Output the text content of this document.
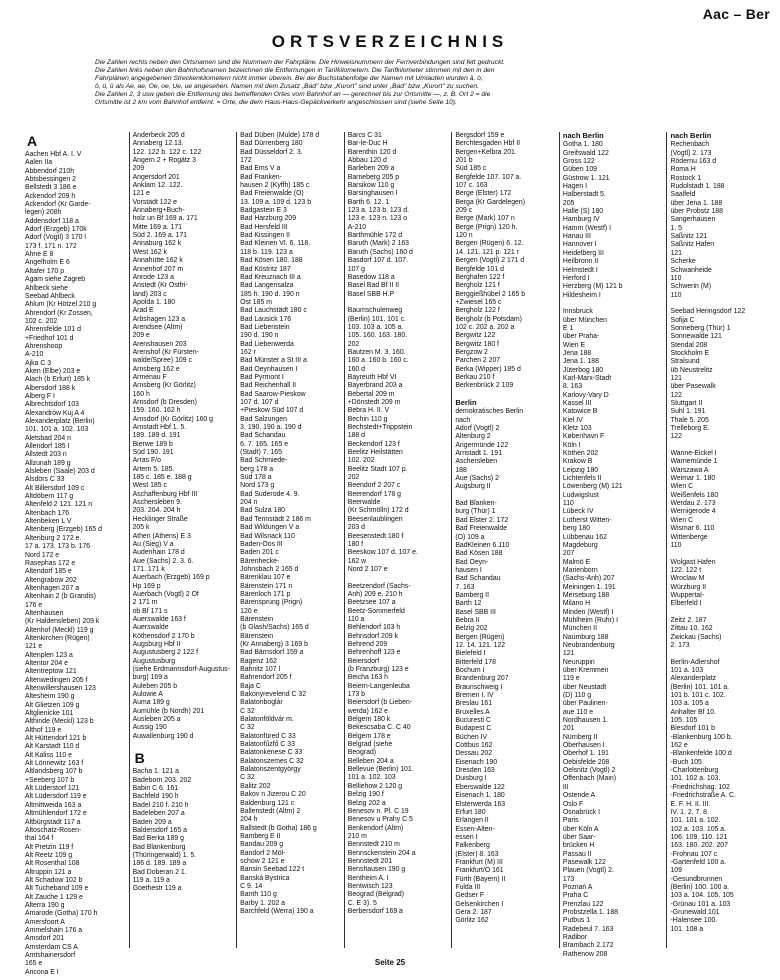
Aac – Ber
ORTSVERZEICHNIS

Die Zahlen rechts neben den Ortsnamen sind die Nummern der Fahrpläne. Die Hinweisnummern der Fernverbindungen sind fett gedruckt.

Die Zahlen links neben den Bahnhofsnamen bezeichnen die Entfernungen in Tarifkilometern. Die Tarifkilometer stimmen mit den in den

Fahrplänen angegebenen Streckenkilometern nicht immer überein. Bei der Buchstabenfolge der Namen mit Umlauten wurden ä, ö,

ö, ü, ü als Ae, ae, Oe, oe, Ue, ue angesehen. Namen mit dem Zusatz „Bad" bzw „Kurort" sind unter „Bad" bzw „Kurort" zu suchen.

Die Zahlen 2, 3 usw geben die Entfernung des betreffenden Ortes vom Bahnhof an — gerechnet bis zur Ortsmitte —, z. B. Ort 2 = die

Ortsmitte ist 2 km vom Bahnhof entfernt. = Orte, die dem Haus-Haus-Gepäckverkehr angeschlossen sind (siehe Seite 10).

A
Aachen Hbf A. I. V
Aalen IIa
Abbendorf 210h
Abtsbessingen 2
Bellstedt 3 186 e
Ackendorf 209 h
Ackendorf (Kr Garde-
legen) 208h
Addensdorf 118 a
Adorf (Erzgeb) 170k
Adorf (Vogtl) 3 170 l
173 f. 171 n. 172
Ahne E 8
Angelholm E 6
Altafer 170 p
Agam siehe Zagreb
Ahlbeck siehe
Seebad Ahlbeck
Ahlum (Kr Hötzel 210 g
Ahrendorf (Kr Zossen,
102 c. 202
Ahrensfelde 101 d
+Friedhof 101 d
Ahrenshoop
A-210
Ajka C 3
Aken (Elbe) 203 e
Alach (b Erfurt) 185 k
Albersdorf 188 k
Alberg F I
Albrechtsdorf 103
Alexandrów Kuj A 4
Alexanderplatz (Berlin)
101. 101 a. 102. 103
Aletsbad 204 n
Allendorf 185 I
Allstedt 203 n
Allzunah 189 g
Alsleben (Saale) 203 d
Alsdörs C 33
Alt Billersdorf 109 c
Altdöbern 117 g
Altenfeld 2 121. 121 n
Altenbach 176
Altenbeken L V
Altenberg (Erzgeb) 165 d
Altenburg 2 172 e.
17 a. 173. 173 b. 176
Nord 172 e
Rasephas 172 e
Altendorf 185 e
Altengrabow 202
Altenhagen 207 a
Altenhain 2 (b Grandis)
176 e
Altenhausen
(Kr Haldensleben) 209 k
Altenhof (Meckl) 119 g
Altenkirchen (Rügen)
121 e
Altenplen 123 a
Altentor 204 e
Altentreptow 121
Altenwedingen 205 f
Altenwillershausen 123
Altesheim 190 g
Alt Glietzen 109 g
Altglienicke 101
Althinde (Meckl) 123 b
Althof 119 e
Alt Hüttendorf 121 b
Alt Karstadt 110 d
Alt Kaliss 110 e
Alt Lönnewitz 163 f
Altlandsberg 107 b
+Seeberg 107 b
Alt Lüderstorf 121
Alt Lüdersdorf 119 e
Altmittweida 163 a
Altmühlendorf 172 e
Altbürgstadt 117 a
Altoschatz-Rosen-
thal 164 f
Alt Pretzin 119 f
Alt Reetz 109 g
Alt Rosenthal 108
Altruppin 121 a
Alt Schadow 102 b
Alt Tucheband 109 e
Alt Zauche 1 129 e
Alterra 190 g
Amarode (Gotha) 170 h
Amersfoort A
Ammelshain 176 a
Amsdorf 201
Amsterdam CS A
Amtshainersdorf
165 e
Ancona E I
Anderbeck 205 d
Annaberg 12.13.
122. 122 b. 122 c. 122
Angern 2 + Rogätz 3
209
Angersdorf 201
Anklam 12. 122.
121 e
Vorstadt 122 e
Annaberg+Buch-
holz un Bf 169 a. 171
Mitte 169 a. 171
Süd 2. 169 a. 171
Annaburg 162 k
West 162 k
Annahütte 162 k
Annenhof 207 m
Anrode 123 a
Anstedt (Kr Ostfri-
land) 203 c
Apolda 1. 180
Arad E
Arbshagen 123 a
Arendsee (Altm)
209 e
Arenshausen 203
Arenshof (Kr Fürsten-
walde/Spree) 109 c
Arnsberg 162 e
Armenau F
Arnsberg (Kr Görlitz)
160 h
Arnsdorf (b Dresden)
159. 160. 162 h
Arnsdorf (Kr Görlitz) 160 g
Arnstadt Hbf 1. 5.
189. 189 d. 191
Bierwe 189 b
Süd 190. 191
Arras F/o
Artern 5. 185.
185 c. 185 e. 188 g
West 185 c
Aschaffenburg Hbf III
Aschersleben 9.
203. 204. 204 h
Hecklinger Straße
205 k
Athen (Athens) E 3
Au (Sieg) V a
Audenhain 178 d
Aue (Sachs) 2. 3. 6.
171. 171 k
Auerbach (Erzgeb) 169 p
Hp 169 p
Auerbach (Vogtl) 2 Of
2 171 m
ob Bf 171 s
Auerswalde 163 f
Auerswalde
Köthensdorf 2 170 b
Augsburg Hbf II
Augustusberg 2 122 f
Augustusburg
(siehe Erdmannsdorf-Augustus-
burg) 169 a
Auleben 205 b
Aulowie A
Auma 189 g
Aumühle (b Nordh) 201
Ausleben 205 a
Aussig 190
Auwallenburg 190 d

B
Bacha 1. 121 a
Badeborn 203. 202
Babin C 6. 161
Bachfeld 190 h
Badel 210 f. 210 h
Badeleben 207 a
Baden 209 a
Baldersdorf 165 a
Bad Berka 189 g
Bad Blankenburg
(Thüringerwald) 1. 5.
186 d. 189. 189 a
Bad Doberan 2 1.
119 a. 119 a
Goethestr 119 a
Bad Düben (Mulde) 178 d
Bad Dürrenberg 180
Bad Düsseldorf 2. 3.
172
Bad Ems V a
Bad Franken-
hausen 2 (Kyffh) 185 c
Bad Freienwalde (O)
13. 109 a. 109 d. 123 b
Badgastein E 3
Bad Harzburg 209
Bad Hersfeld III
Bad Kissingen II
Bad Kleinen VI. 6. 118.
118 b. 119. 123 a
Bad Kösen 180. 188
Bad Köstritz 187
Bad Kreuznach III a
Bad Langensalza
185 h. 190 d. 190 n
Ost 185 m
Bad Lauchstädt 180 c
Bad Lausick 176
Bad Liebenstein
190 d. 190 n
Bad Liebenwerda
162 r
Bad Münster a St III a
Bad Oeynhausen I
Bad Pyrmont I
Bad Reichenhall II
Bad Saarow-Pieskow
107 d. 107 d
+Pieskow Süd 107 d
Bad Salzungen
3. 190. 190 a. 190 d
Bad Schandau
6. 7. 165. 165 e
(Stadt) 7. 165
Bad Schmiede-
berg 178 a
Süd 178 a
Nord 173 g
Bad Suderode 4. 9.
204 n
Bad Sulza 180
Bad Tennstädt 2 186 m
Bad Wildungen V a
Bad Wilsnack 110
Baden-Oos III
Baden 201 c
Bärenhecke-
Johnsbach 2 165 d
Bärenklau 107 e
Bärenstein 171 n
Bärenloch 171 p
Bärensprung (Prign)
120 e
Bärenstein
(b Glash/Sachs) 165 d
Bärenstein
(Kr Annaberg) 3 169 b
Bad Bärnsdorf 159 a
Bagenz 162
Bahnitz 107 l
Bahrendorf 205 f
Baja C
Bakonyrevelend C 32
Balatonboglár
C 32
Balatonföldvár m.
C 32
Balatonfüred C 33
Balatonfűzfő C 33
Balatonkenese C 33
Balatonszemes C 32
Balatonszentgyörgy
C 32
Balitz 202
Bakov n Jizerou C 20
Baldenburg 121 c
Ballenstedt (Altm) 2
204 h
Ballstedt (b Gotha) 186 g
Bamberg E II
Bandau 209 g
Bandorf 2 Möl-
schow 2 121 e
Bansin Seebad 122 t
Banská Bystrica
C 9. 14
Banth 110 g
Barby 1. 202 a
Barchfeld (Werra) 190 a
Barcs C 31
Bar-le-Duc H
Barenthin 120 d
Abbau 120 d
Barleben 209 a
Barneberg 205 p
Barsikow 110 g
Barsinghausen I
Barth 6. 12. 1
123 a. 123 b. 123 d.
123 e. 123 n. 123 o
A-210
Barthmühle 172 d
Baruth (Mark) 2 163
Baruth (Sachs) 160 d
Basdorf 107 d. 107.
107 g
Basedow 118 a
Basel Bad Bf II II
Basel SBB H.P

Baumschulenweg
(Berlin) 101. 101 c.
103. 103 a. 105 a.
105. 160. 163. 180.
202
Bautzen M. 3. 160.
160 a. 160 b. 160 c.
160 d
Bayreuth Hbf VI
Bayerbrand 203 a
Bebertal 209 m
+Dönstedt 209 m
Bebra H. II. V
Bechin 110 g
Bechstedt+Trippstein
188 d
Beckendorf 123 f
Beelitz Heilstätten
102. 202
Beelitz Stadt 107 p.
202
Beendorf 2 207 c
Beerendorf 178 g
Beerwalde
(Kr Schmölln) 172 d
Beesenlaublingen
203 d
Beesenstedt 180 f
180 f
Beeskow 107 d. 107 e.
162 w
Nord 2 107 e

Beetzendorf (Sachs-
Anh) 209 e. 210 h
Beetzsee 107 a
Beetz-Sommerfeld
110 a
Behlendorf 103 h
Behnsdorf 209 k
Behrend 209
Behrenhoff 123 e
Beiersdorf
(b Franzburg) 123 e
Beicha 163 h
Beiern-Langenleuba
173 b
Beiersdorf (b Lieben-
werda) 162 e
Belgern 180 k
Bekescsaba C. C 40
Belgern 178 e
Belgrad (siehe
Beograd)
Belleben 204 a
Bellevue (Berlin) 101.
101 a. 102. 103
Belliehow 2 120 g
Belzig 190 f
Belzig 202 a
Benesov n. Pl. C 19
Benesov u Prahy C 5
Benkendorf (Altm)
210 m
Bennstedt 210 m
Bennsckenstein 204 a
Bennstedt 201
Benshausen 190 g
Bentheim A. I
Bentwisch 123
Beograd (Belgrad)
C. E 3). 5
Berbersdorf 169 a
Bergsdorf 159 e
Berchtesgaden Hbf II
Bergen+Kelbra 201.
201 b
Süd 185 c
Bergfelde 107. 107 a.
107 c. 163
Berge (Elster) 172
Berga (Kr Gardelegen)
209 c
Berge (Mark) 107 n
Berge (Prign) 120 h.
120 n
Bergen (Rügen) 6. 12.
14. 121. 121 p. 121 r
Bergen (Vogtl) 2 171 d
Bergfelde 101 d
Berghafen 122 f
Bergholz 121 f
Berggießhübel 2 165 b
+Zwiesel 165 c
Bergholz 122 f
Bergholz (b Potsdam)
102 c. 202 a. 202 a
Bergwitz 122
Bergwitz 180 f
Bergzow 2
Parchen 2 207
Berka (Wipper) 185 d
Berkau 210 f
Berkenbrück 2 109

Berlin
demokratisches Berlin
nach
Adorf (Vogtl) 2
Altenburg 2
Angermünde 122
Arnstadt 1. 191
Aschersleben
188
Aue (Sachs) 2
Augsburg II

Bad Blanken-
burg (Thür) 1
Bad Elster 2. 172
Bad Freienwalde
(O) 109 a
BadKleinen 6.110
Bad Kösen 188
Bad Oeyn-
hausen I
Bad Schandau
7. 163
Bamberg II
Barth 12
Basel SBB III
Bebra II
Belzig 202
Bergen (Rügen)
12. 14. 121. 122
Bielefeld I
Bitterfeld 178
Bochum I
Brandenburg 207
Braunschweig I
Bremen I. IV
Breslau 161
Bruxelles A
Bucuresti C
Budapest C
Büchen IV
Cottbus 162
Dessau 202
Eisenach 190
Dresden 163
Duisburg I
Eberswalde 122
Eisenach 1. 180
Elsterwerda 163
Erfurt 180
Erlangen II
Essen-Alten-
essen I
Falkenberg
(Elster) 8. 163
Frankfurt (M) III
Frankfurt/O 161
Fürth (Bayern) II
Fulda III
Gedser F
Gelsenkirchen I
Gera 2. 187
Görlitz 162
nach Berlin
Gotha 1. 180
Greifswald 122
Gross 122
Güben 109
Güstrow 1. 121
Hagen I
Halberstadt 5.
205
Halle (S) 180
Hamburg IV
Hamm (Westf) I
Hanau III
Hannover I
Heidelberg III
Heilbronn II
Helmstedt I
Herford I
Herzberg (M) 121 b
Hildesheim I

Innsbruck
über München
E 1
über Praha-
Wien E
Jena 188
Jena 1. 188
Jüterbog 180
Karl-Marx-Stadt
8. 163
Karlovy-Vary D
Kassel III
Katowice B
Kiel IV
Kletz 103
København F
Köln I
Köthen 202
Krakow B
Leipzig 180
Lichtenfels II
Löwenberg (M) 121
Ludwigslust
110
Lübeck IV
Lutherst Witten-
berg 180
Lübbenau 162
Magdeburg
207
Malmö E
Marienborn
(Sachs-Anh) 207
Meiningen 1. 191
Merseburg 188
Milano H
Minden (Westf) I
Mühlheim (Ruhr) I
München II
Naumburg 188
Neubrandenburg
121
Neuruppin
über Kremmen
119 e
über Neustadt
(D) 110 g
über Paulinen-
aue 110 e
Nordhausen 1.
201
Nürnberg II
Oberhausen I
Oberhof 1. 191
Oebisfelde 208
Oelsnitz (Vogtl) 2
Offenbach (Main)
III
Ostende A
Oslo F
Osnabrück I
Paris
über Köln A
über Saar-
brücken H
Passau II
Pasewalk 122
Plauen (Vogtl) 2.
173
Poznań A
Praha C
Prenzlau 122
Probstzella 1. 188
Putbus 1
Radebeul 7. 163
Radibor
Brambach 2.172
Rathenow 208
nach Berlin
Rechenbach
(Vogtl) 2. 173
Rödernu 163 d
Roma H
Rostock 1
Rudolstadt 1. 188
Saalfeld
über Jena 1. 188
über Probstz 188
Sangerhausen
1. 5
Saßnitz 121
Saßnitz Hafen
121
Scherke
Schwanheide
110
Schwerin (M)
110

Seebad Heringsdorf 122
Sofija C
Sonneberg (Thür) 1
Sonnewalde 121
Stendal 208
Stockholm E
Stralsund
üb Neustrelitz
121
über Pasewalk
122
Stuttgart II
Suhl 1. 191
Thale 5. 205
Trelleborg E.
122

Wanne-Eickel I
Warnemünde 1
Warszawa A
Weimar 1. 180
Wien C
Weißenfels 180
Werdau 2. 173
Wernigerode 4
Wien C
Wismar 6. 110
Wittenberge
110

Wolgast Hafen
122. 122 t
Wroclaw M
Würzburg II
Wuppertal-
Elberfeld I

Zeitz 2. 187
Zittau 10. 162
Zwickau (Sachs)
2. 173

Berlin-Adlershof
101 a. 103
Alexanderplatz
(Berlin) 101. 101 a.
101 b. 101 c. 102.
103 a. 105 a
Anhalter Bf 10.
105. 105
Biesdorf 101 b
-Blankenburg 100 b.
162 e
-Blankenfelde 100 d
-Buch 105
-Charlottenburg
101. 102 a. 103.
-Friedrichshag. 102
-Friedrichstraße A. C.
E. F. H. II. III.
IV. 1. 2. 7. 8.
101. 101 a. 102.
102 a. 103. 105 a.
106. 109. 110. 121
163. 180. 202. 207
-Frohnau 107 c
-Gartenfeld 100 a.
109
-Gesundbrunnen
(Berlin) 100. 100 a.
103 a. 104. 105. 105
-Grünau 101 a. 103
-Grunewald 101
-Halensee 100.
101. 108 a
Seite 25
